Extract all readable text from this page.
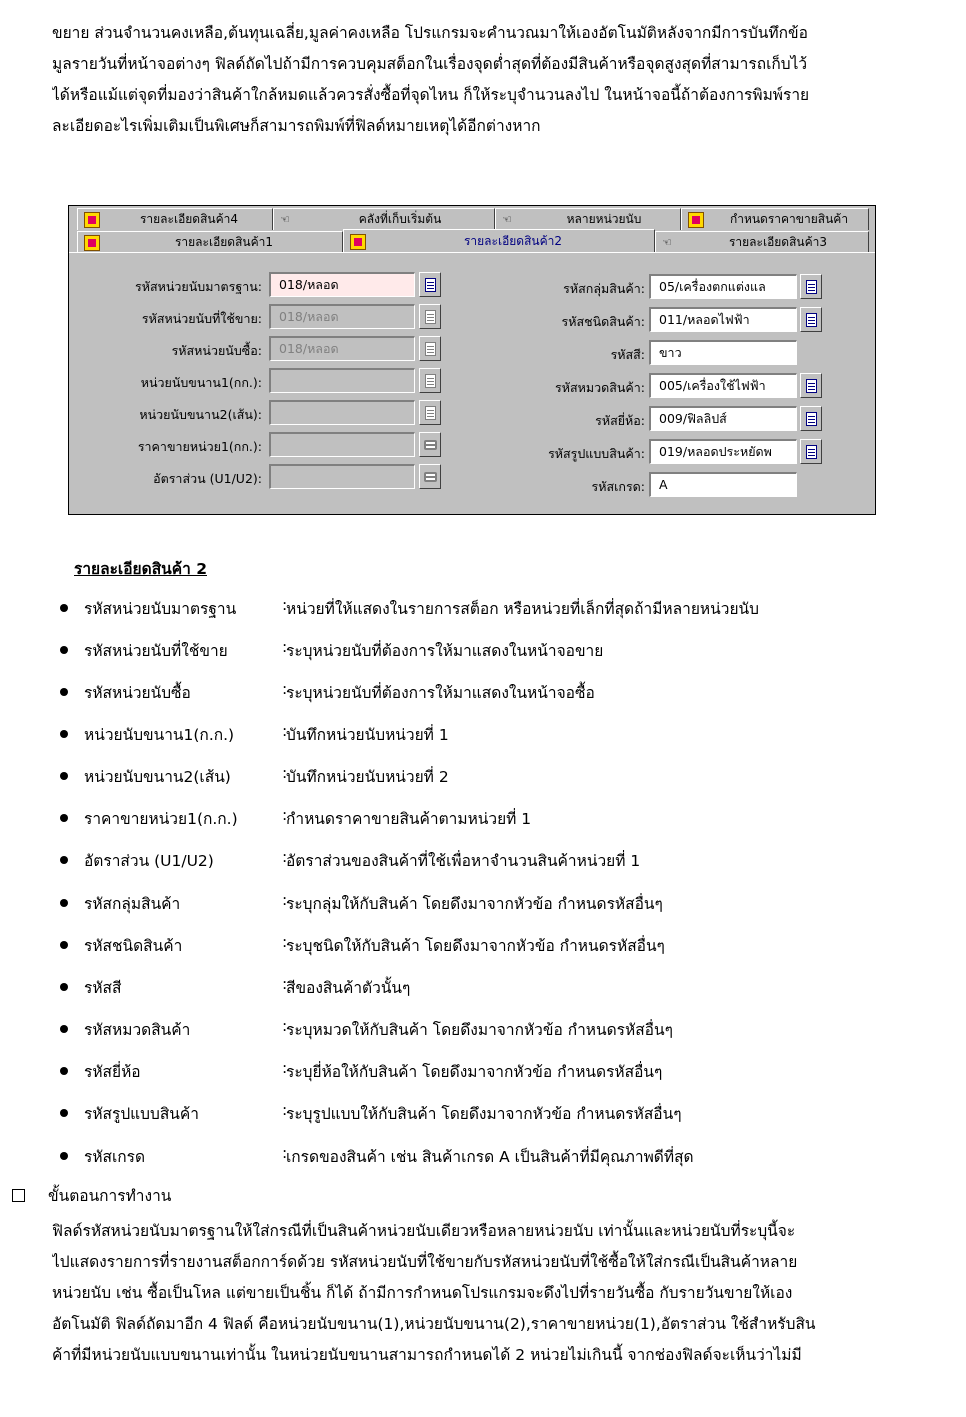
ขยาย ส่วนจำนวนคงเหลือ,ต้นทุนเฉลี่ย,มูลค่าคงเหลือ โปรแกรมจะคำนวณมาให้เองอัตโนมัติหลังจากมีการบันทึกข้อ
มูลรายวันที่หน้าจอต่างๆ ฟิลด์ถัดไปถ้ามีการควบคุมสต็อกในเรื่องจุดต่ำสุดที่ต้องมีสินค้าหรือจุดสูงสุดที่สามารถเก็บไว้
ได้หรือแม้แต่จุดที่มองว่าสินค้าใกล้หมดแล้วควรสั่งซื้อที่จุดไหน ก็ให้ระบุจำนวนลงไป ในหน้าจอนี้ถ้าต้องการพิมพ์ราย
ละเอียดอะไรเพิ่มเติมเป็นพิเศษก็สามารถพิมพ์ที่ฟิลด์หมายเหตุได้อีกต่างหาก
รายละเอียดสินค้า4	☜	คลังที่เก็บเริ่มต้น	☜	หลายหน่วยนับ	กำหนดราคาขายสินค้า
รายละเอียดสินค้า1	รายละเอียดสินค้า2	☜	รายละเอียดสินค้า3
รหัสหน่วยนับมาตรฐาน:	018/หลอด
รหัสหน่วยนับที่ใช้ขาย:	018/หลอด
รหัสหน่วยนับซื้อ:	018/หลอด
หน่วยนับขนาน1(กก.):
หน่วยนับขนาน2(เส้น):
ราคาขายหน่วย1(กก.):
อัตราส่วน (U1/U2):
รหัสกลุ่มสินค้า:	05/เครื่องตกแต่งแล
รหัสชนิดสินค้า:	011/หลอดไฟฟ้า
รหัสสี:	ขาว
รหัสหมวดสินค้า:	005/เครื่องใช้ไฟฟ้า
รหัสยี่ห้อ:	009/ฟิลลิปส์
รหัสรูปแบบสินค้า:	019/หลอดประหยัดพ
รหัสเกรด:	A
รายละเอียดสินค้า 2
รหัสหน่วยนับมาตรฐาน	:
หน่วยที่ให้แสดงในรายการสต็อก หรือหน่วยที่เล็กที่สุดถ้ามีหลายหน่วยนับ
รหัสหน่วยนับที่ใช้ขาย	:
ระบุหน่วยนับที่ต้องการให้มาแสดงในหน้าจอขาย
รหัสหน่วยนับซื้อ	:
ระบุหน่วยนับที่ต้องการให้มาแสดงในหน้าจอซื้อ
หน่วยนับขนาน1(ก.ก.)	:
บันทึกหน่วยนับหน่วยที่ 1
หน่วยนับขนาน2(เส้น)	:
บันทึกหน่วยนับหน่วยที่ 2
ราคาขายหน่วย1(ก.ก.)	:
กำหนดราคาขายสินค้าตามหน่วยที่ 1
อัตราส่วน (U1/U2)	:
อัตราส่วนของสินค้าที่ใช้เพื่อหาจำนวนสินค้าหน่วยที่ 1
รหัสกลุ่มสินค้า	:
ระบุกลุ่มให้กับสินค้า โดยดึงมาจากหัวข้อ กำหนดรหัสอื่นๆ
รหัสชนิดสินค้า	:
ระบุชนิดให้กับสินค้า โดยดึงมาจากหัวข้อ กำหนดรหัสอื่นๆ
รหัสสี	:
สีของสินค้าตัวนั้นๆ
รหัสหมวดสินค้า	:
ระบุหมวดให้กับสินค้า โดยดึงมาจากหัวข้อ กำหนดรหัสอื่นๆ
รหัสยี่ห้อ	:
ระบุยี่ห้อให้กับสินค้า โดยดึงมาจากหัวข้อ กำหนดรหัสอื่นๆ
รหัสรูปแบบสินค้า	:
ระบุรูปแบบให้กับสินค้า โดยดึงมาจากหัวข้อ กำหนดรหัสอื่นๆ
รหัสเกรด	:
เกรดของสินค้า เช่น สินค้าเกรด A เป็นสินค้าที่มีคุณภาพดีที่สุด
ขั้นตอนการทำงาน
ฟิลด์รหัสหน่วยนับมาตรฐานให้ใส่กรณีที่เป็นสินค้าหน่วยนับเดียวหรือหลายหน่วยนับ เท่านั้นและหน่วยนับที่ระบุนี้จะ
ไปแสดงรายการที่รายงานสต็อกการ์ดด้วย รหัสหน่วยนับที่ใช้ขายกับรหัสหน่วยนับที่ใช้ซื้อให้ใส่กรณีเป็นสินค้าหลาย
หน่วยนับ เช่น ซื้อเป็นโหล แต่ขายเป็นชิ้น ก็ได้ ถ้ามีการกำหนดโปรแกรมจะดึงไปที่รายวันซื้อ กับรายวันขายให้เอง
อัตโนมัติ ฟิลด์ถัดมาอีก 4 ฟิลด์ คือหน่วยนับขนาน(1),หน่วยนับขนาน(2),ราคาขายหน่วย(1),อัตราส่วน ใช้สำหรับสิน
ค้าที่มีหน่วยนับแบบขนานเท่านั้น ในหน่วยนับขนานสามารถกำหนดได้ 2 หน่วยไม่เกินนี้ จากช่องฟิลด์จะเห็นว่าไม่มี
